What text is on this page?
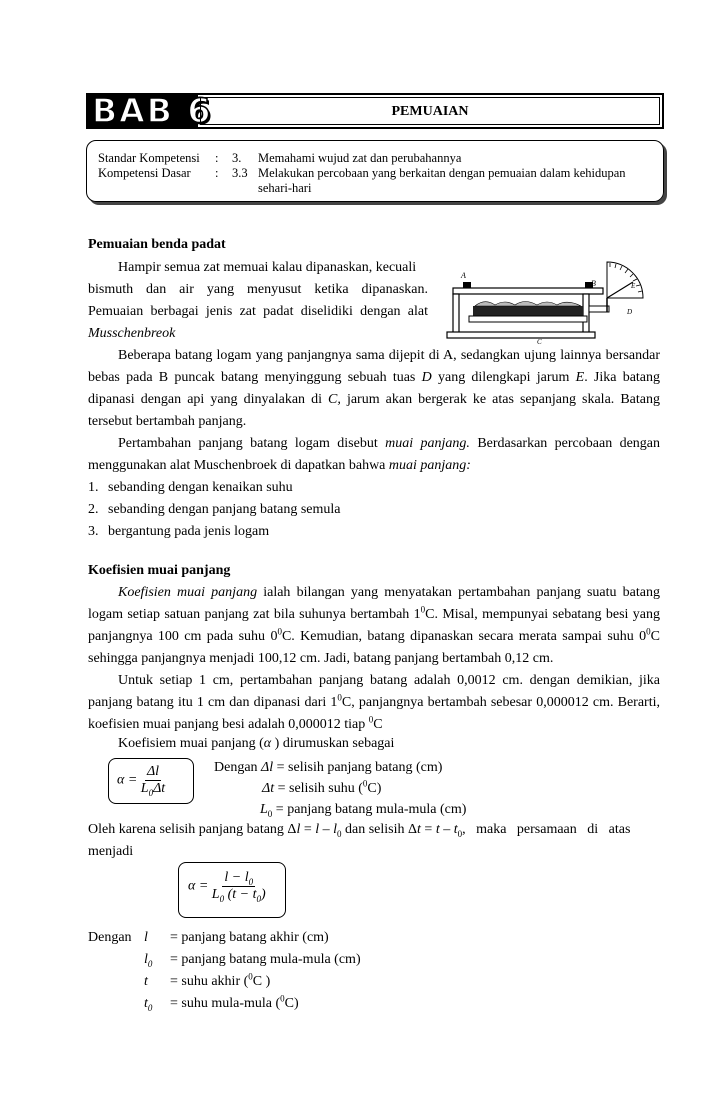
BAB 6	PEMUAIAN
Standar Kompetensi : 3. Memahami wujud zat dan perubahannya
Kompetensi Dasar : 3.3 Melakukan percobaan yang berkaitan dengan pemuaian dalam kehidupan
sehari-hari
Pemuaian benda padat
Hampir semua zat memuai kalau dipanaskan, kecuali
bismuth dan air yang menyusut ketika dipanaskan.
Pemuaian berbagai jenis zat padat diselidiki dengan alat
Musschenbreok
E
A
B
D
C
Beberapa batang logam yang panjangnya sama dijepit di A, sedangkan ujung lainnya bersandar bebas pada B puncak batang menyinggung sebuah tuas D yang dilengkapi jarum E. Jika batang dipanasi dengan api yang dinyalakan di C, jarum akan bergerak ke atas sepanjang skala. Batang tersebut bertambah panjang.
Pertambahan panjang batang logam disebut muai panjang. Berdasarkan percobaan dengan menggunakan alat Muschenbroek di dapatkan bahwa muai panjang:
1. sebanding dengan kenaikan suhu
2. sebanding dengan panjang batang semula
3. bergantung pada jenis logam
Koefisien muai panjang
Koefisien muai panjang ialah bilangan yang menyatakan pertambahan panjang suatu batang logam setiap satuan panjang zat bila suhunya bertambah $1^0C$. Misal, mempunyai sebatang besi yang panjangnya 100 cm pada suhu $0^0C$. Kemudian, batang dipanaskan secara merata sampai suhu $0^0C$ sehingga panjangnya menjadi 100,12 cm. Jadi, batang panjang bertambah 0,12 cm.
Untuk setiap 1 cm, pertambahan panjang batang adalah 0,0012 cm. dengan demikian, jika panjang batang itu 1 cm dan dipanasi dari $1^0C$, panjangnya bertambah sebesar 0,000012 cm. Berarti, koefisien muai panjang besi adalah 0,000012 tiap $^0$C
Koefisiem muai panjang (α ) dirumuskan sebagai
$\alpha = \frac{\Delta l}{L_0\Delta t}$	Dengan Δl = selisih panjang batang (cm)
Δt = selisih suhu ($^0$C)
$L_0$ = panjang batang mula-mula (cm)
Oleh karena selisih panjang batang $\Delta l = l - l_0$ dan selisih $\Delta t = t - t_0$,   maka   persamaan   di   atas
menjadi
$\alpha = \frac{l - l_0}{L_0 (t - t_0)}$
Dengan l	= panjang batang akhir (cm)
$l_0$	= panjang batang mula-mula (cm)
t	= suhu akhir ($^0$C )
$t_0$	= suhu mula-mula ($^0$C)
